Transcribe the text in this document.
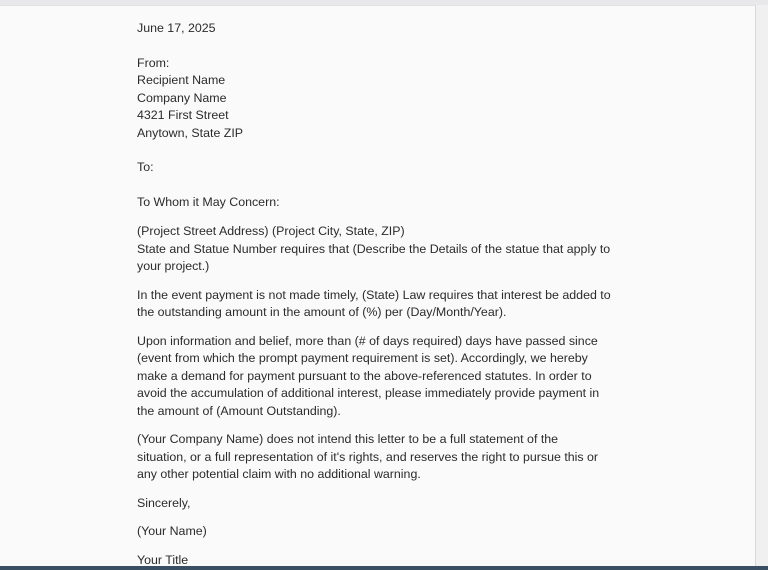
June 17, 2025
From:
Recipient Name
Company Name
4321 First Street
Anytown, State ZIP
To:
To Whom it May Concern:
(Project Street Address) (Project City, State, ZIP)
State and Statue Number requires that (Describe the Details of the statue that apply to
your project.)
In the event payment is not made timely, (State) Law requires that interest be added to
the outstanding amount in the amount of (%) per (Day/Month/Year).
Upon information and belief, more than (# of days required) days have passed since
(event from which the prompt payment requirement is set). Accordingly, we hereby
make a demand for payment pursuant to the above-referenced statutes. In order to
avoid the accumulation of additional interest, please immediately provide payment in
the amount of (Amount Outstanding).
(Your Company Name) does not intend this letter to be a full statement of the
situation, or a full representation of it's rights, and reserves the right to pursue this or
any other potential claim with no additional warning.
Sincerely,
(Your Name)
Your Title
